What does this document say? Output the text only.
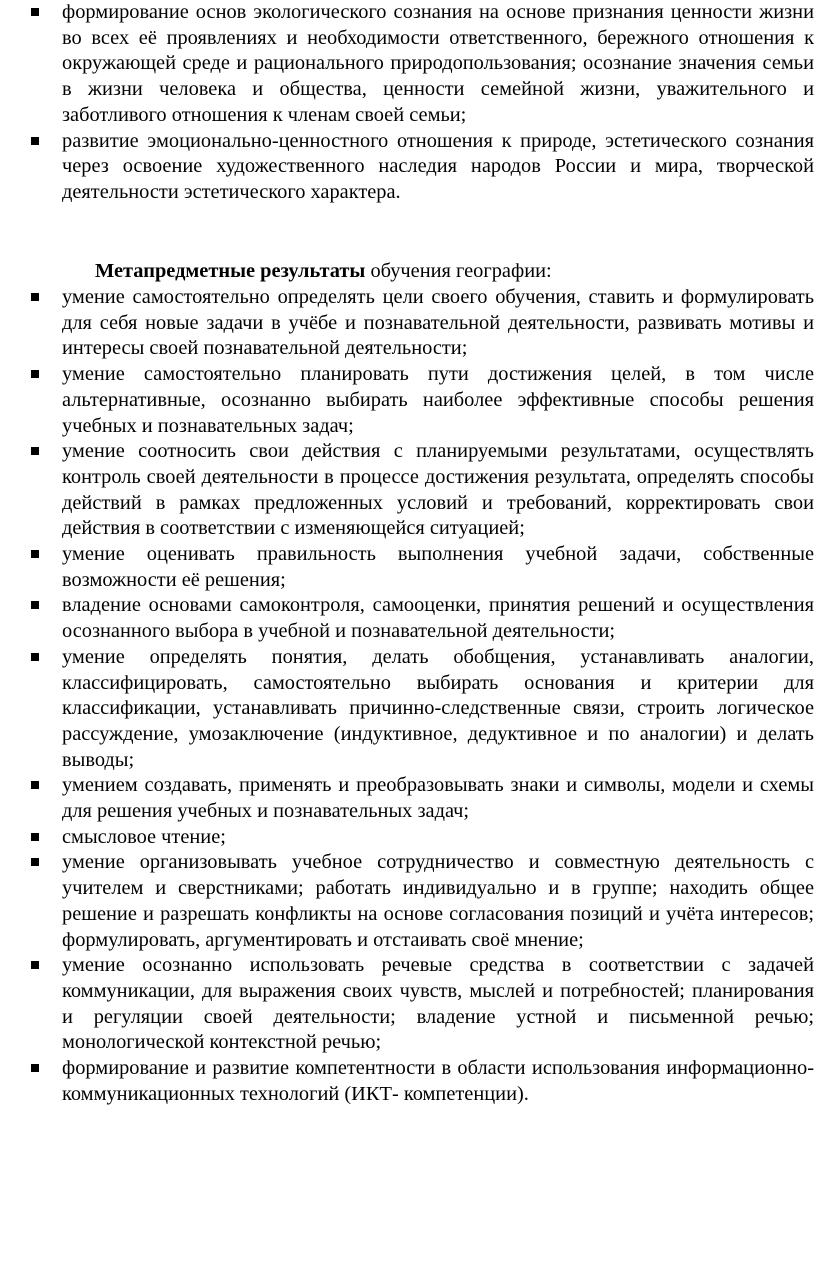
формирование основ экологического сознания на основе признания ценности жизни во всех её проявлениях и необходимости ответственного, бережного отношения к окружающей среде и рационального природопользования; осознание значения семьи в жизни человека и общества, ценности семейной жизни, уважительного и заботливого отношения к членам своей семьи;
развитие эмоционально-ценностного отношения к природе, эстетического сознания через освоение художественного наследия народов России и мира, творческой деятельности эстетического характера.
Метапредметные результаты обучения географии:
умение самостоятельно определять цели своего обучения, ставить и формулировать для себя новые задачи в учёбе и познавательной деятельности, развивать мотивы и интересы своей познавательной деятельности;
умение самостоятельно планировать пути достижения целей, в том числе альтернативные, осознанно выбирать наиболее эффективные способы решения учебных и познавательных задач;
умение соотносить свои действия с планируемыми результатами, осуществлять контроль своей деятельности в процессе достижения результата, определять способы действий в рамках предложенных условий и требований, корректировать свои действия в соответствии с изменяющейся ситуацией;
умение оценивать правильность выполнения учебной задачи, собственные возможности её решения;
владение основами самоконтроля, самооценки, принятия решений и осуществления осознанного выбора в учебной и познавательной деятельности;
умение определять понятия, делать обобщения, устанавливать аналогии, классифицировать, самостоятельно выбирать основания и критерии для классификации, устанавливать причинно-следственные связи, строить логическое рассуждение, умозаключение (индуктивное, дедуктивное и по аналогии) и делать выводы;
умением создавать, применять и преобразовывать знаки и символы, модели и схемы для решения учебных и познавательных задач;
смысловое чтение;
умение организовывать учебное сотрудничество и совместную деятельность с учителем и сверстниками; работать индивидуально и в группе; находить общее решение и разрешать конфликты на основе согласования позиций и учёта интересов; формулировать, аргументировать и отстаивать своё мнение;
умение осознанно использовать речевые средства в соответствии с задачей коммуникации, для выражения своих чувств, мыслей и потребностей; планирования и регуляции своей деятельности; владение устной и письменной речью; монологической контекстной речью;
формирование и развитие компетентности в области использования информационно-коммуникационных технологий (ИКТ- компетенции).
